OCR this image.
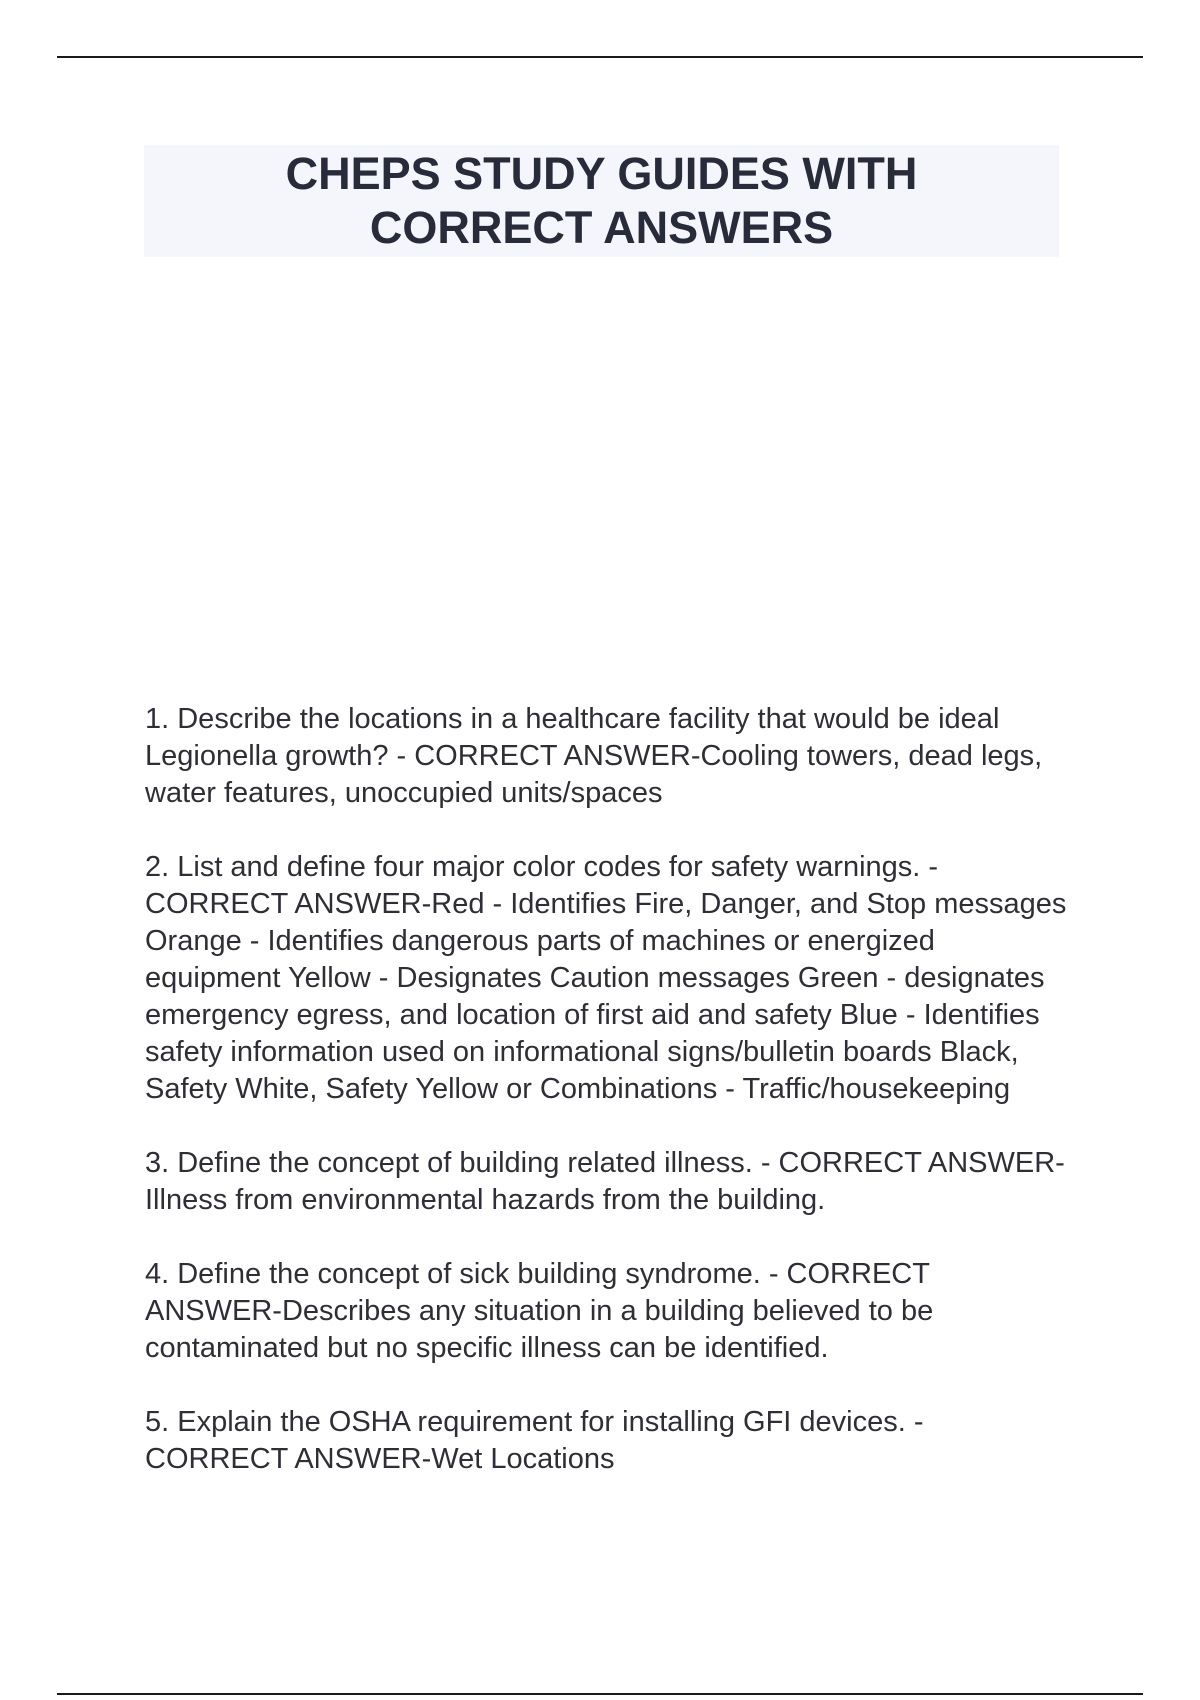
CHEPS STUDY GUIDES WITH CORRECT ANSWERS

1. Describe the locations in a healthcare facility that would be ideal Legionella growth? - CORRECT ANSWER-Cooling towers, dead legs, water features, unoccupied units/spaces

2. List and define four major color codes for safety warnings. - CORRECT ANSWER-Red - Identifies Fire, Danger, and Stop messages Orange - Identifies dangerous parts of machines or energized equipment Yellow - Designates Caution messages Green - designates emergency egress, and location of first aid and safety Blue - Identifies safety information used on informational signs/bulletin boards Black, Safety White, Safety Yellow or Combinations - Traffic/housekeeping

3. Define the concept of building related illness. - CORRECT ANSWER-Illness from environmental hazards from the building.

4. Define the concept of sick building syndrome. - CORRECT ANSWER-Describes any situation in a building believed to be contaminated but no specific illness can be identified.

5. Explain the OSHA requirement for installing GFI devices. - CORRECT ANSWER-Wet Locations
